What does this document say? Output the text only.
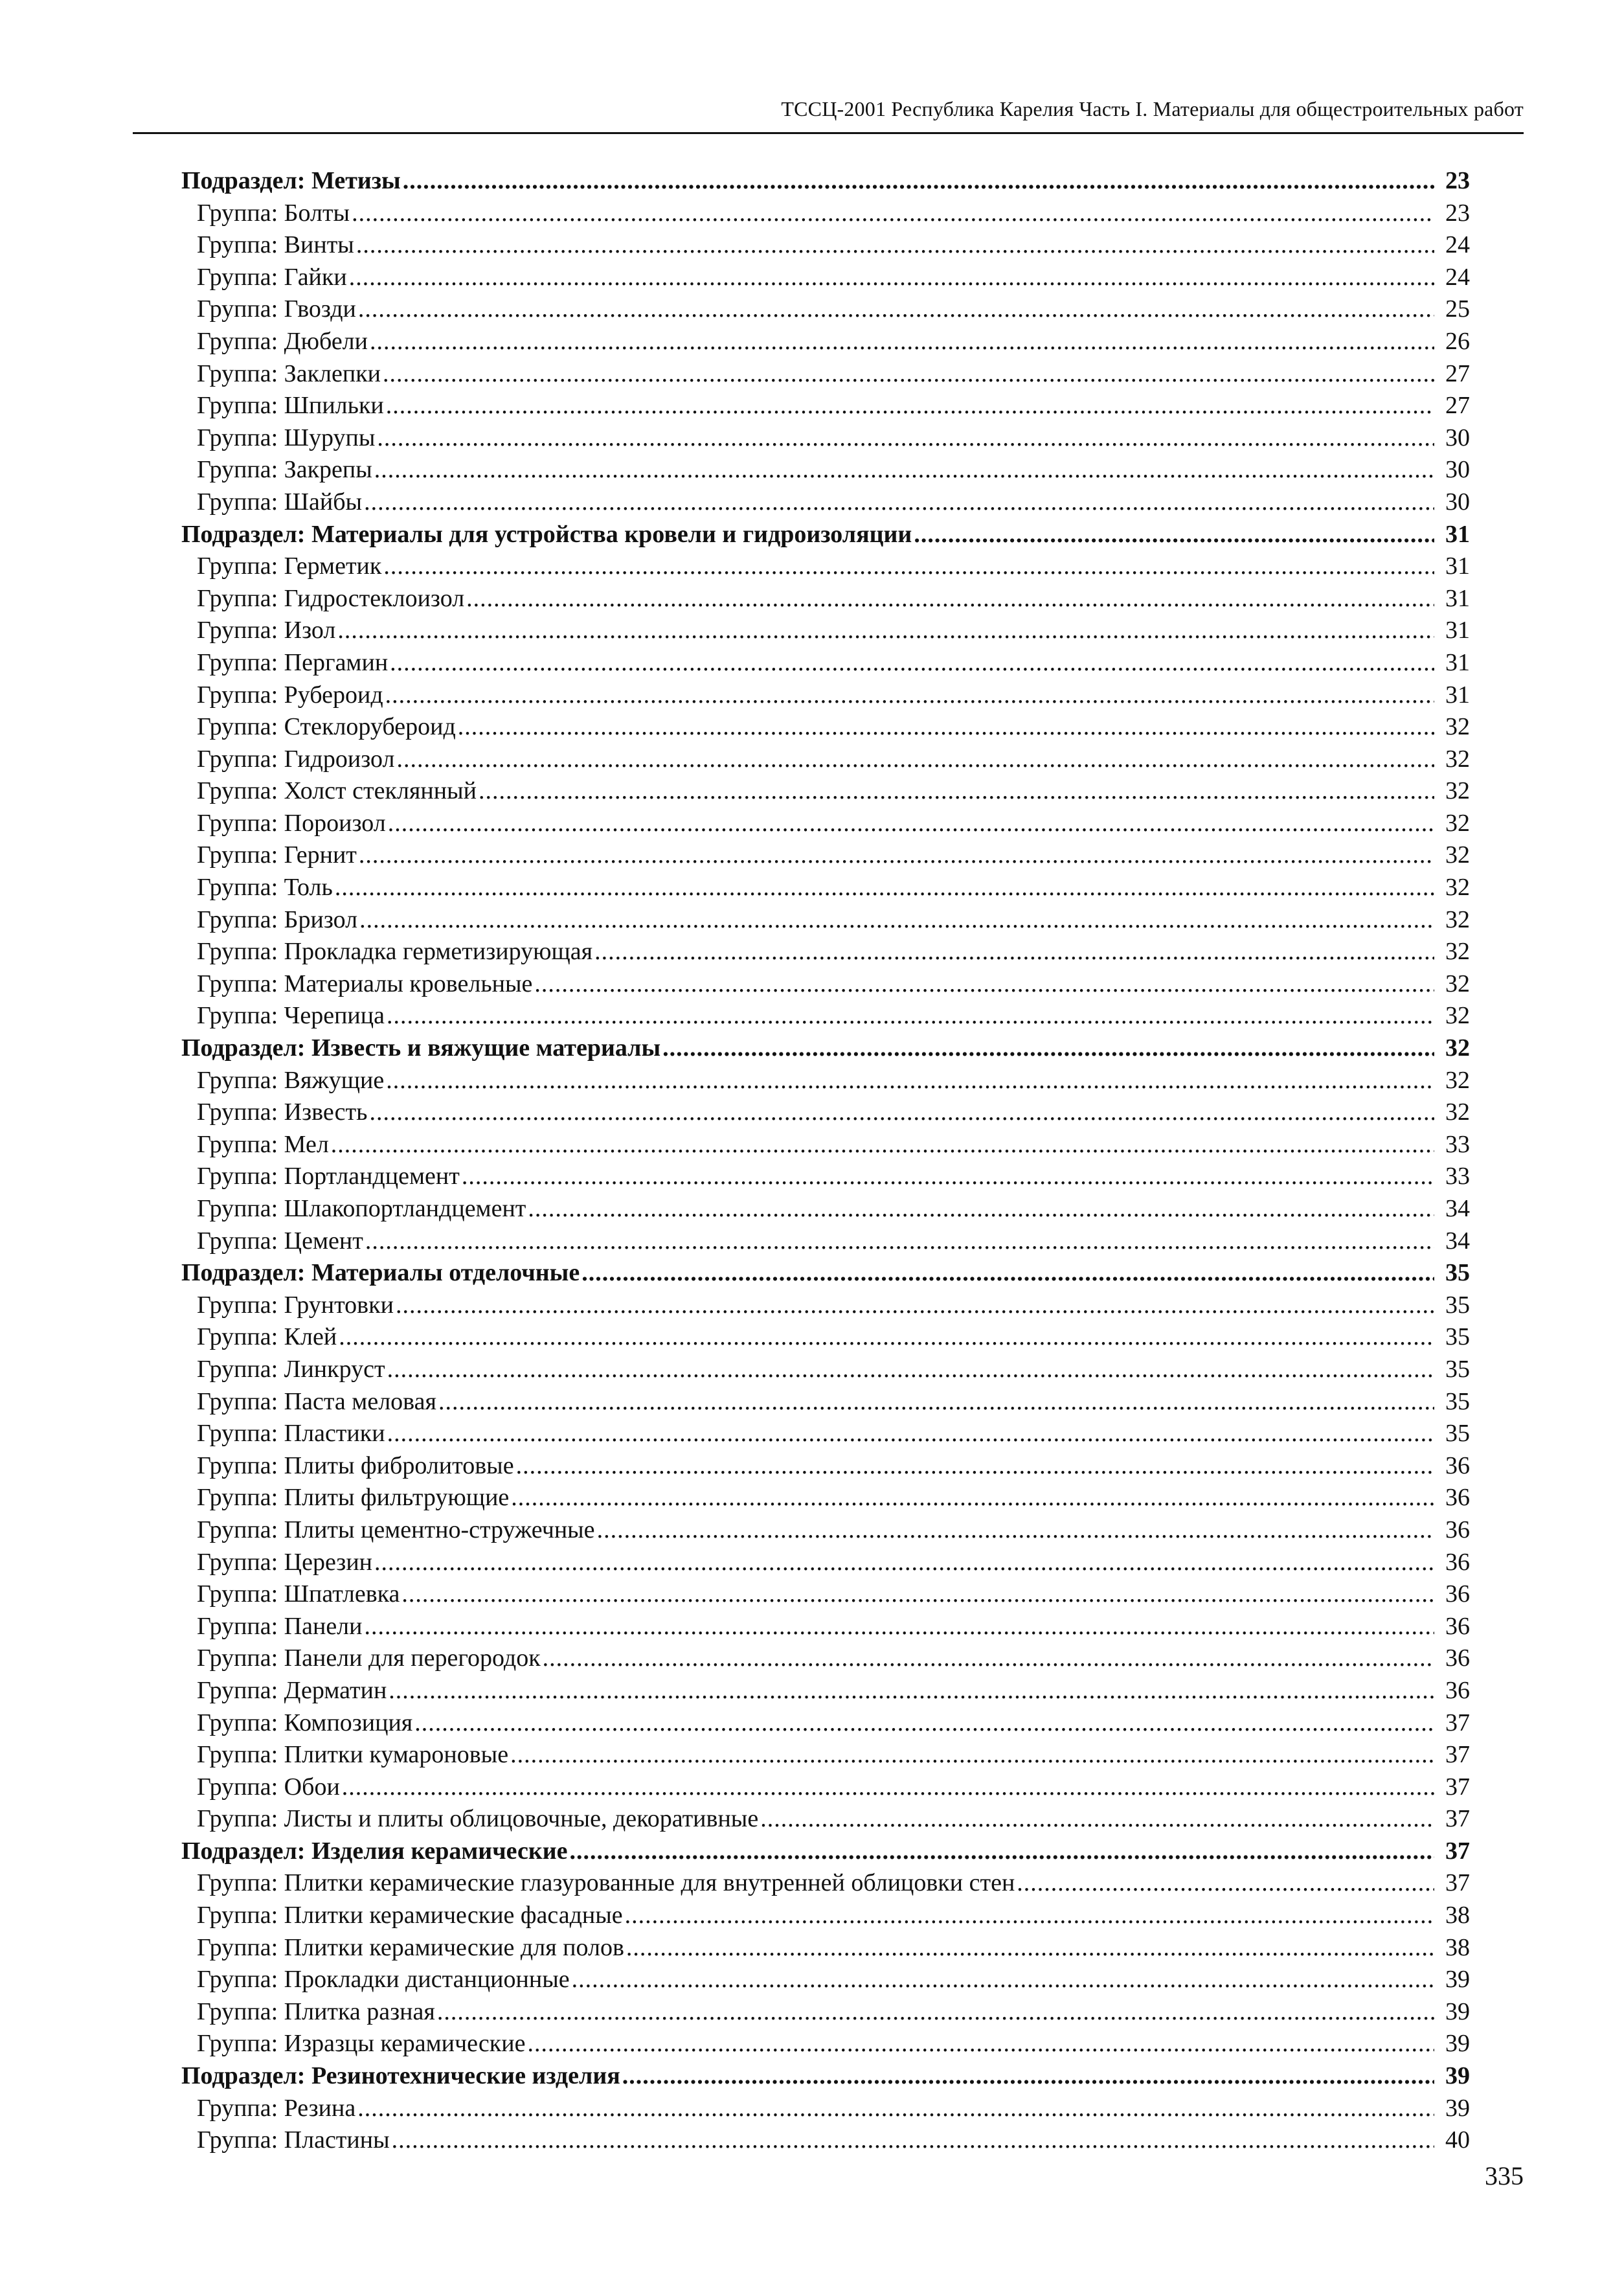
ТССЦ-2001 Республика Карелия Часть I. Материалы для общестроительных работ
Подраздел: Метизы .....	23
Группа: Болты .....	23
Группа: Винты .....	24
Группа: Гайки .....	24
Группа: Гвозди .....	25
Группа: Дюбели .....	26
Группа: Заклепки .....	27
Группа: Шпильки .....	27
Группа: Шурупы .....	30
Группа: Закрепы .....	30
Группа: Шайбы .....	30
Подраздел: Материалы для устройства кровели и гидроизоляции .....	31
Группа: Герметик .....	31
Группа: Гидростеклоизол .....	31
Группа: Изол .....	31
Группа: Пергамин .....	31
Группа: Рубероид .....	31
Группа: Стеклорубероид .....	32
Группа: Гидроизол .....	32
Группа: Холст стеклянный .....	32
Группа: Пороизол .....	32
Группа: Гернит .....	32
Группа: Толь .....	32
Группа: Бризол .....	32
Группа: Прокладка герметизирующая .....	32
Группа: Материалы кровельные .....	32
Группа: Черепица .....	32
Подраздел: Известь и вяжущие материалы .....	32
Группа: Вяжущие .....	32
Группа: Известь .....	32
Группа: Мел .....	33
Группа: Портландцемент .....	33
Группа: Шлакопортландцемент .....	34
Группа: Цемент .....	34
Подраздел: Материалы отделочные .....	35
Группа: Грунтовки .....	35
Группа: Клей .....	35
Группа: Линкруст .....	35
Группа: Паста меловая .....	35
Группа: Пластики .....	35
Группа: Плиты фибролитовые .....	36
Группа: Плиты фильтрующие .....	36
Группа: Плиты цементно-стружечные .....	36
Группа: Церезин .....	36
Группа: Шпатлевка .....	36
Группа: Панели .....	36
Группа: Панели для перегородок .....	36
Группа: Дерматин .....	36
Группа: Композиция .....	37
Группа: Плитки кумароновые .....	37
Группа: Обои .....	37
Группа: Листы и плиты облицовочные, декоративные .....	37
Подраздел: Изделия керамические .....	37
Группа: Плитки керамические глазурованные для внутренней облицовки стен .....	37
Группа: Плитки керамические фасадные .....	38
Группа: Плитки керамические для полов .....	38
Группа: Прокладки дистанционные .....	39
Группа: Плитка разная .....	39
Группа: Изразцы керамические .....	39
Подраздел: Резинотехнические изделия .....	39
Группа: Резина .....	39
Группа: Пластины .....	40
335
